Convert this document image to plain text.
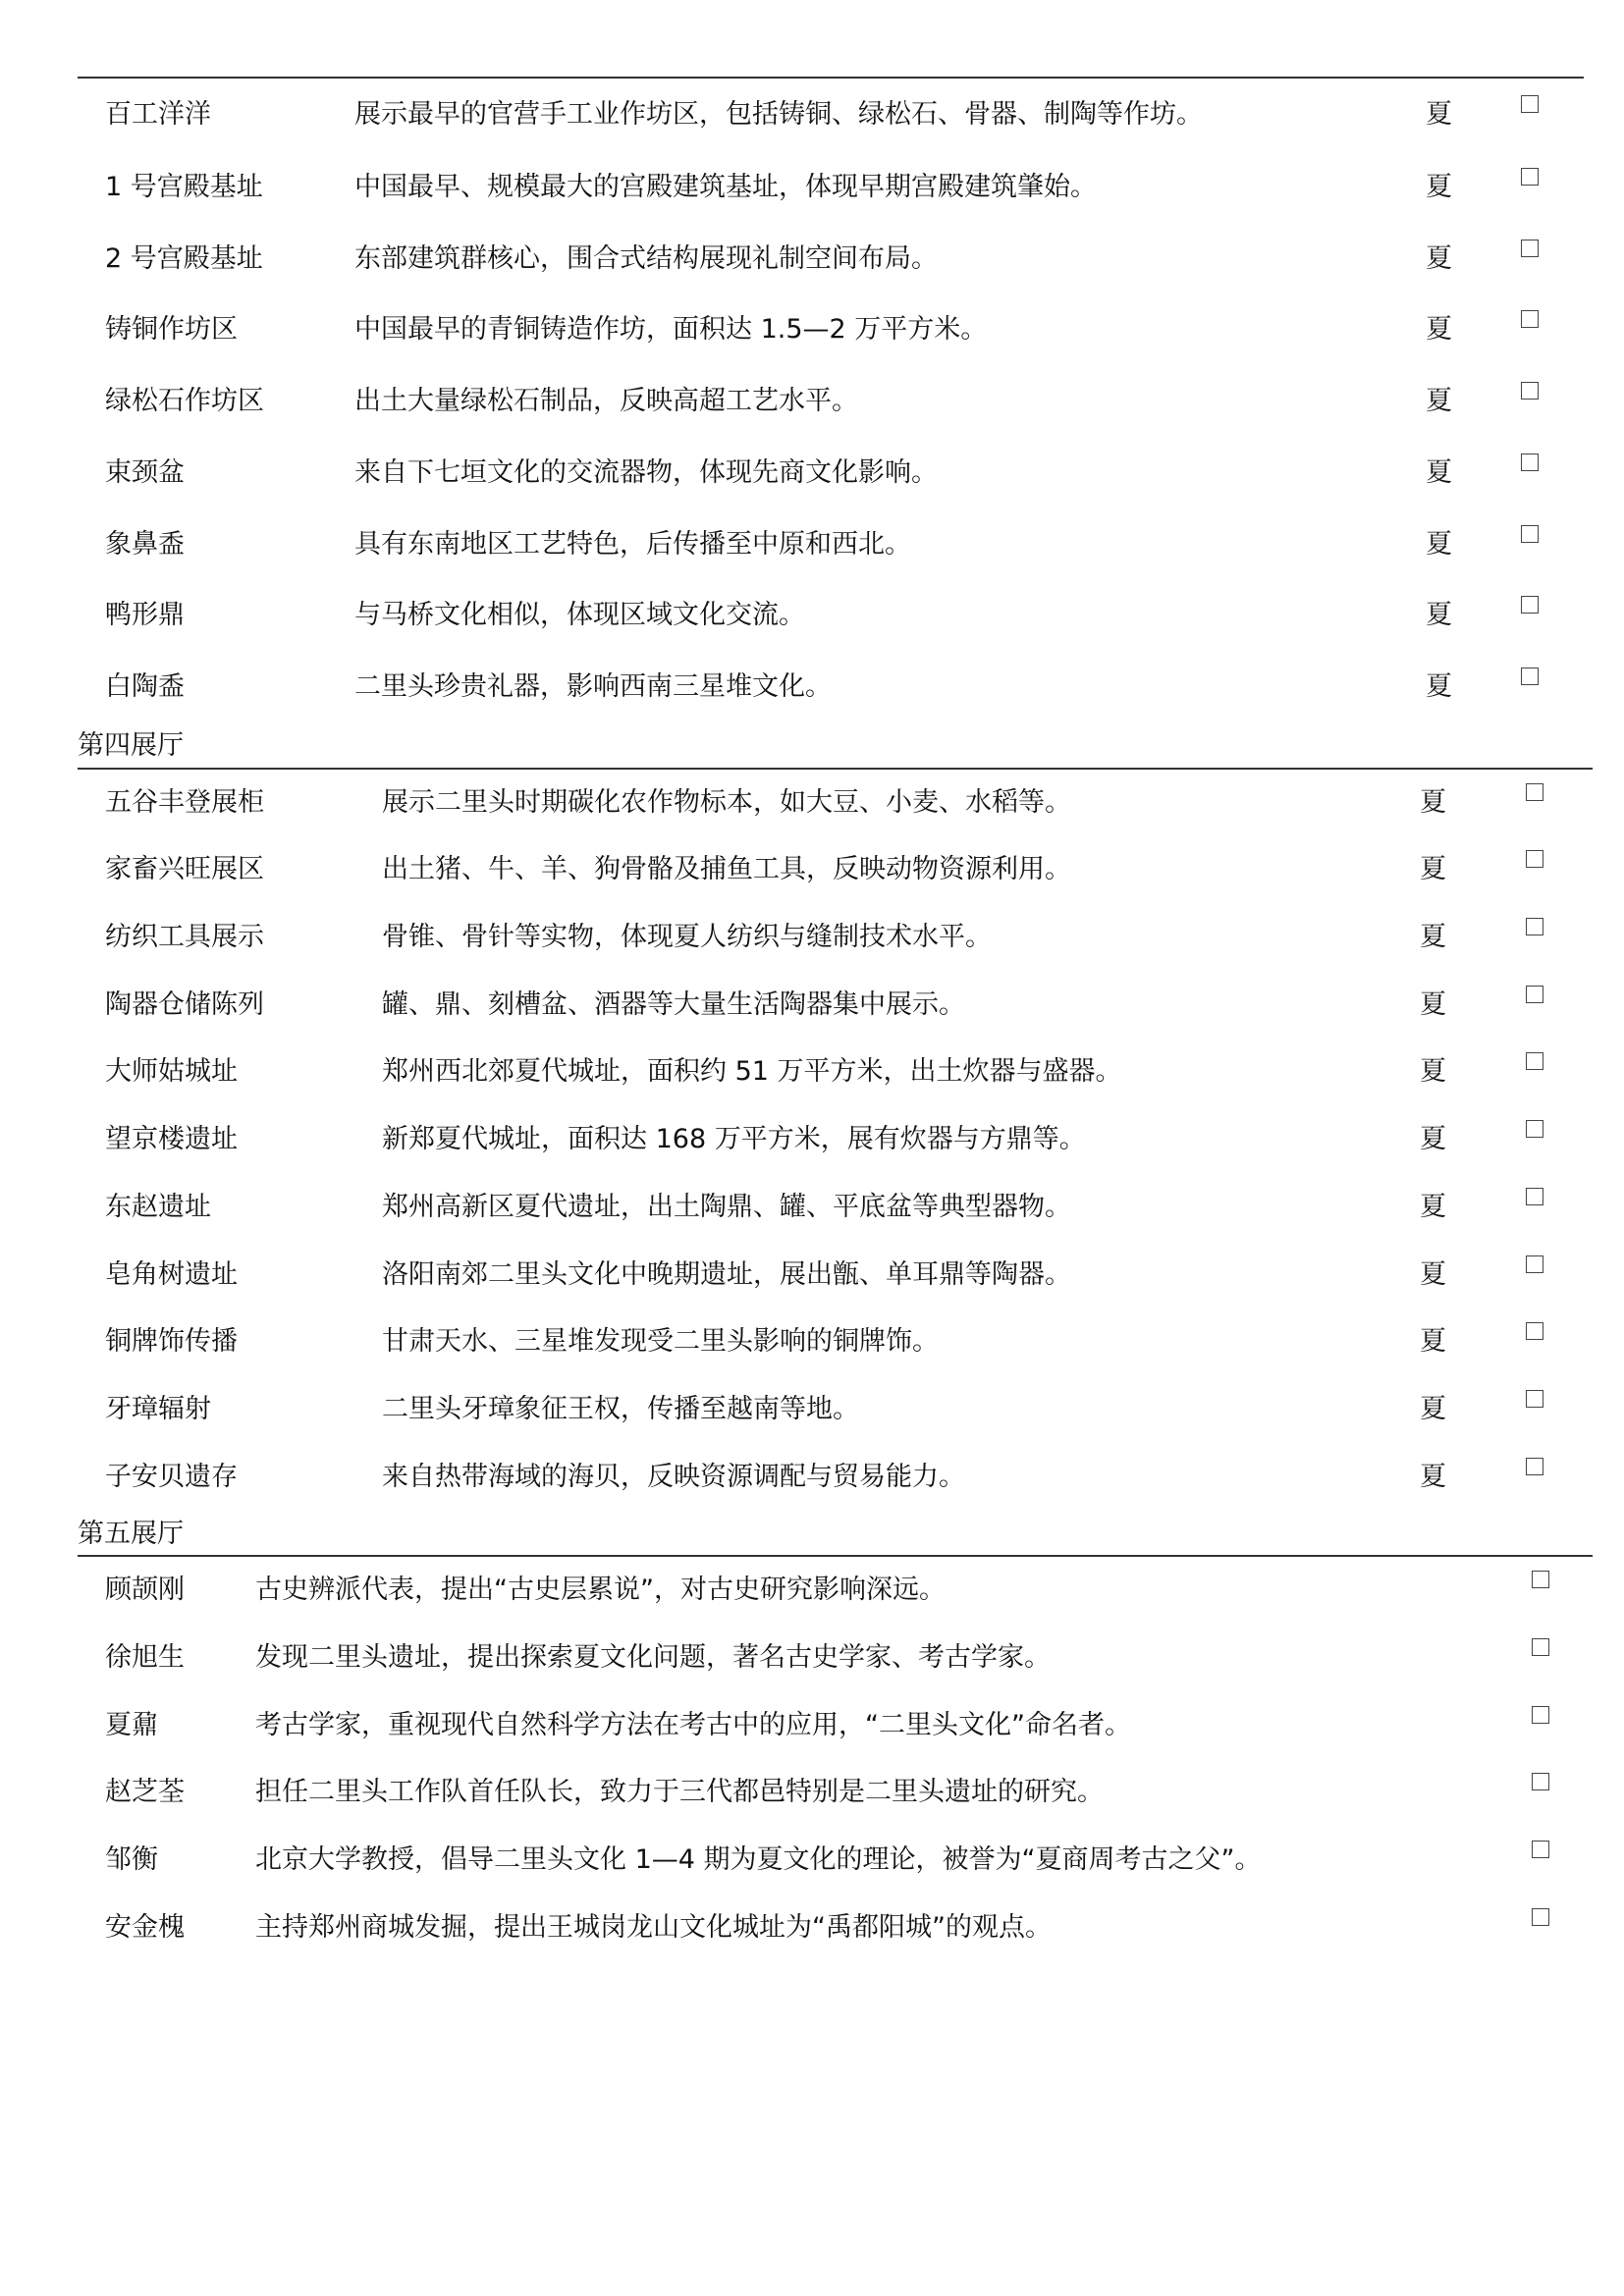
百工洋洋	展示最早的官营手工业作坊区，包括铸铜、绿松石、骨器、制陶等作坊。	夏
1 号宫殿基址	中国最早、规模最大的宫殿建筑基址，体现早期宫殿建筑肇始。	夏
2 号宫殿基址	东部建筑群核心，围合式结构展现礼制空间布局。	夏
铸铜作坊区	中国最早的青铜铸造作坊，面积达 1.5—2 万平方米。	夏
绿松石作坊区	出土大量绿松石制品，反映高超工艺水平。	夏
束颈盆	来自下七垣文化的交流器物，体现先商文化影响。	夏
象鼻盉	具有东南地区工艺特色，后传播至中原和西北。	夏
鸭形鼎	与马桥文化相似，体现区域文化交流。	夏
白陶盉	二里头珍贵礼器，影响西南三星堆文化。	夏
第四展厅
五谷丰登展柜	展示二里头时期碳化农作物标本，如大豆、小麦、水稻等。	夏
家畜兴旺展区	出土猪、牛、羊、狗骨骼及捕鱼工具，反映动物资源利用。	夏
纺织工具展示	骨锥、骨针等实物，体现夏人纺织与缝制技术水平。	夏
陶器仓储陈列	罐、鼎、刻槽盆、酒器等大量生活陶器集中展示。	夏
大师姑城址	郑州西北郊夏代城址，面积约 51 万平方米，出土炊器与盛器。	夏
望京楼遗址	新郑夏代城址，面积达 168 万平方米，展有炊器与方鼎等。	夏
东赵遗址	郑州高新区夏代遗址，出土陶鼎、罐、平底盆等典型器物。	夏
皂角树遗址	洛阳南郊二里头文化中晚期遗址，展出甑、单耳鼎等陶器。	夏
铜牌饰传播	甘肃天水、三星堆发现受二里头影响的铜牌饰。	夏
牙璋辐射	二里头牙璋象征王权，传播至越南等地。	夏
子安贝遗存	来自热带海域的海贝，反映资源调配与贸易能力。	夏
第五展厅
顾颉刚	古史辨派代表，提出“古史层累说”，对古史研究影响深远。
徐旭生	发现二里头遗址，提出探索夏文化问题，著名古史学家、考古学家。
夏鼐	考古学家，重视现代自然科学方法在考古中的应用，“二里头文化”命名者。
赵芝荃	担任二里头工作队首任队长，致力于三代都邑特别是二里头遗址的研究。
邹衡	北京大学教授，倡导二里头文化 1—4 期为夏文化的理论，被誉为“夏商周考古之父”。
安金槐	主持郑州商城发掘，提出王城岗龙山文化城址为“禹都阳城”的观点。
